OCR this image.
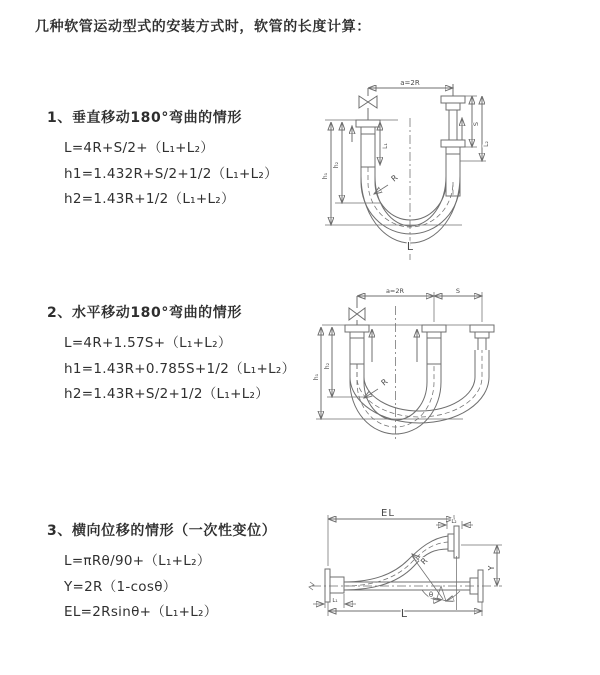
几种软管运动型式的安装方式时，软管的长度计算：
1、垂直移动180°弯曲的情形
L=4R+S/2+（L₁+L₂）
h1=1.432R+S/2+1/2（L₁+L₂）
h2=1.43R+1/2（L₁+L₂）
2、水平移动180°弯曲的情形
L=4R+1.57S+（L₁+L₂）
h1=1.43R+0.785S+1/2（L₁+L₂）
h2=1.43R+S/2+1/2（L₁+L₂）
3、横向位移的情形（一次性变位）
L=πRθ/90+（L₁+L₂）
Y=2R（1-cosθ）
EL=2Rsinθ+（L₁+L₂）
a=2R
L₁
S
L₂
R
h₁
h₂
L
a=2R	S
R
h₁
h₂
EL
L₂
R
θ
Y
L₁
L
